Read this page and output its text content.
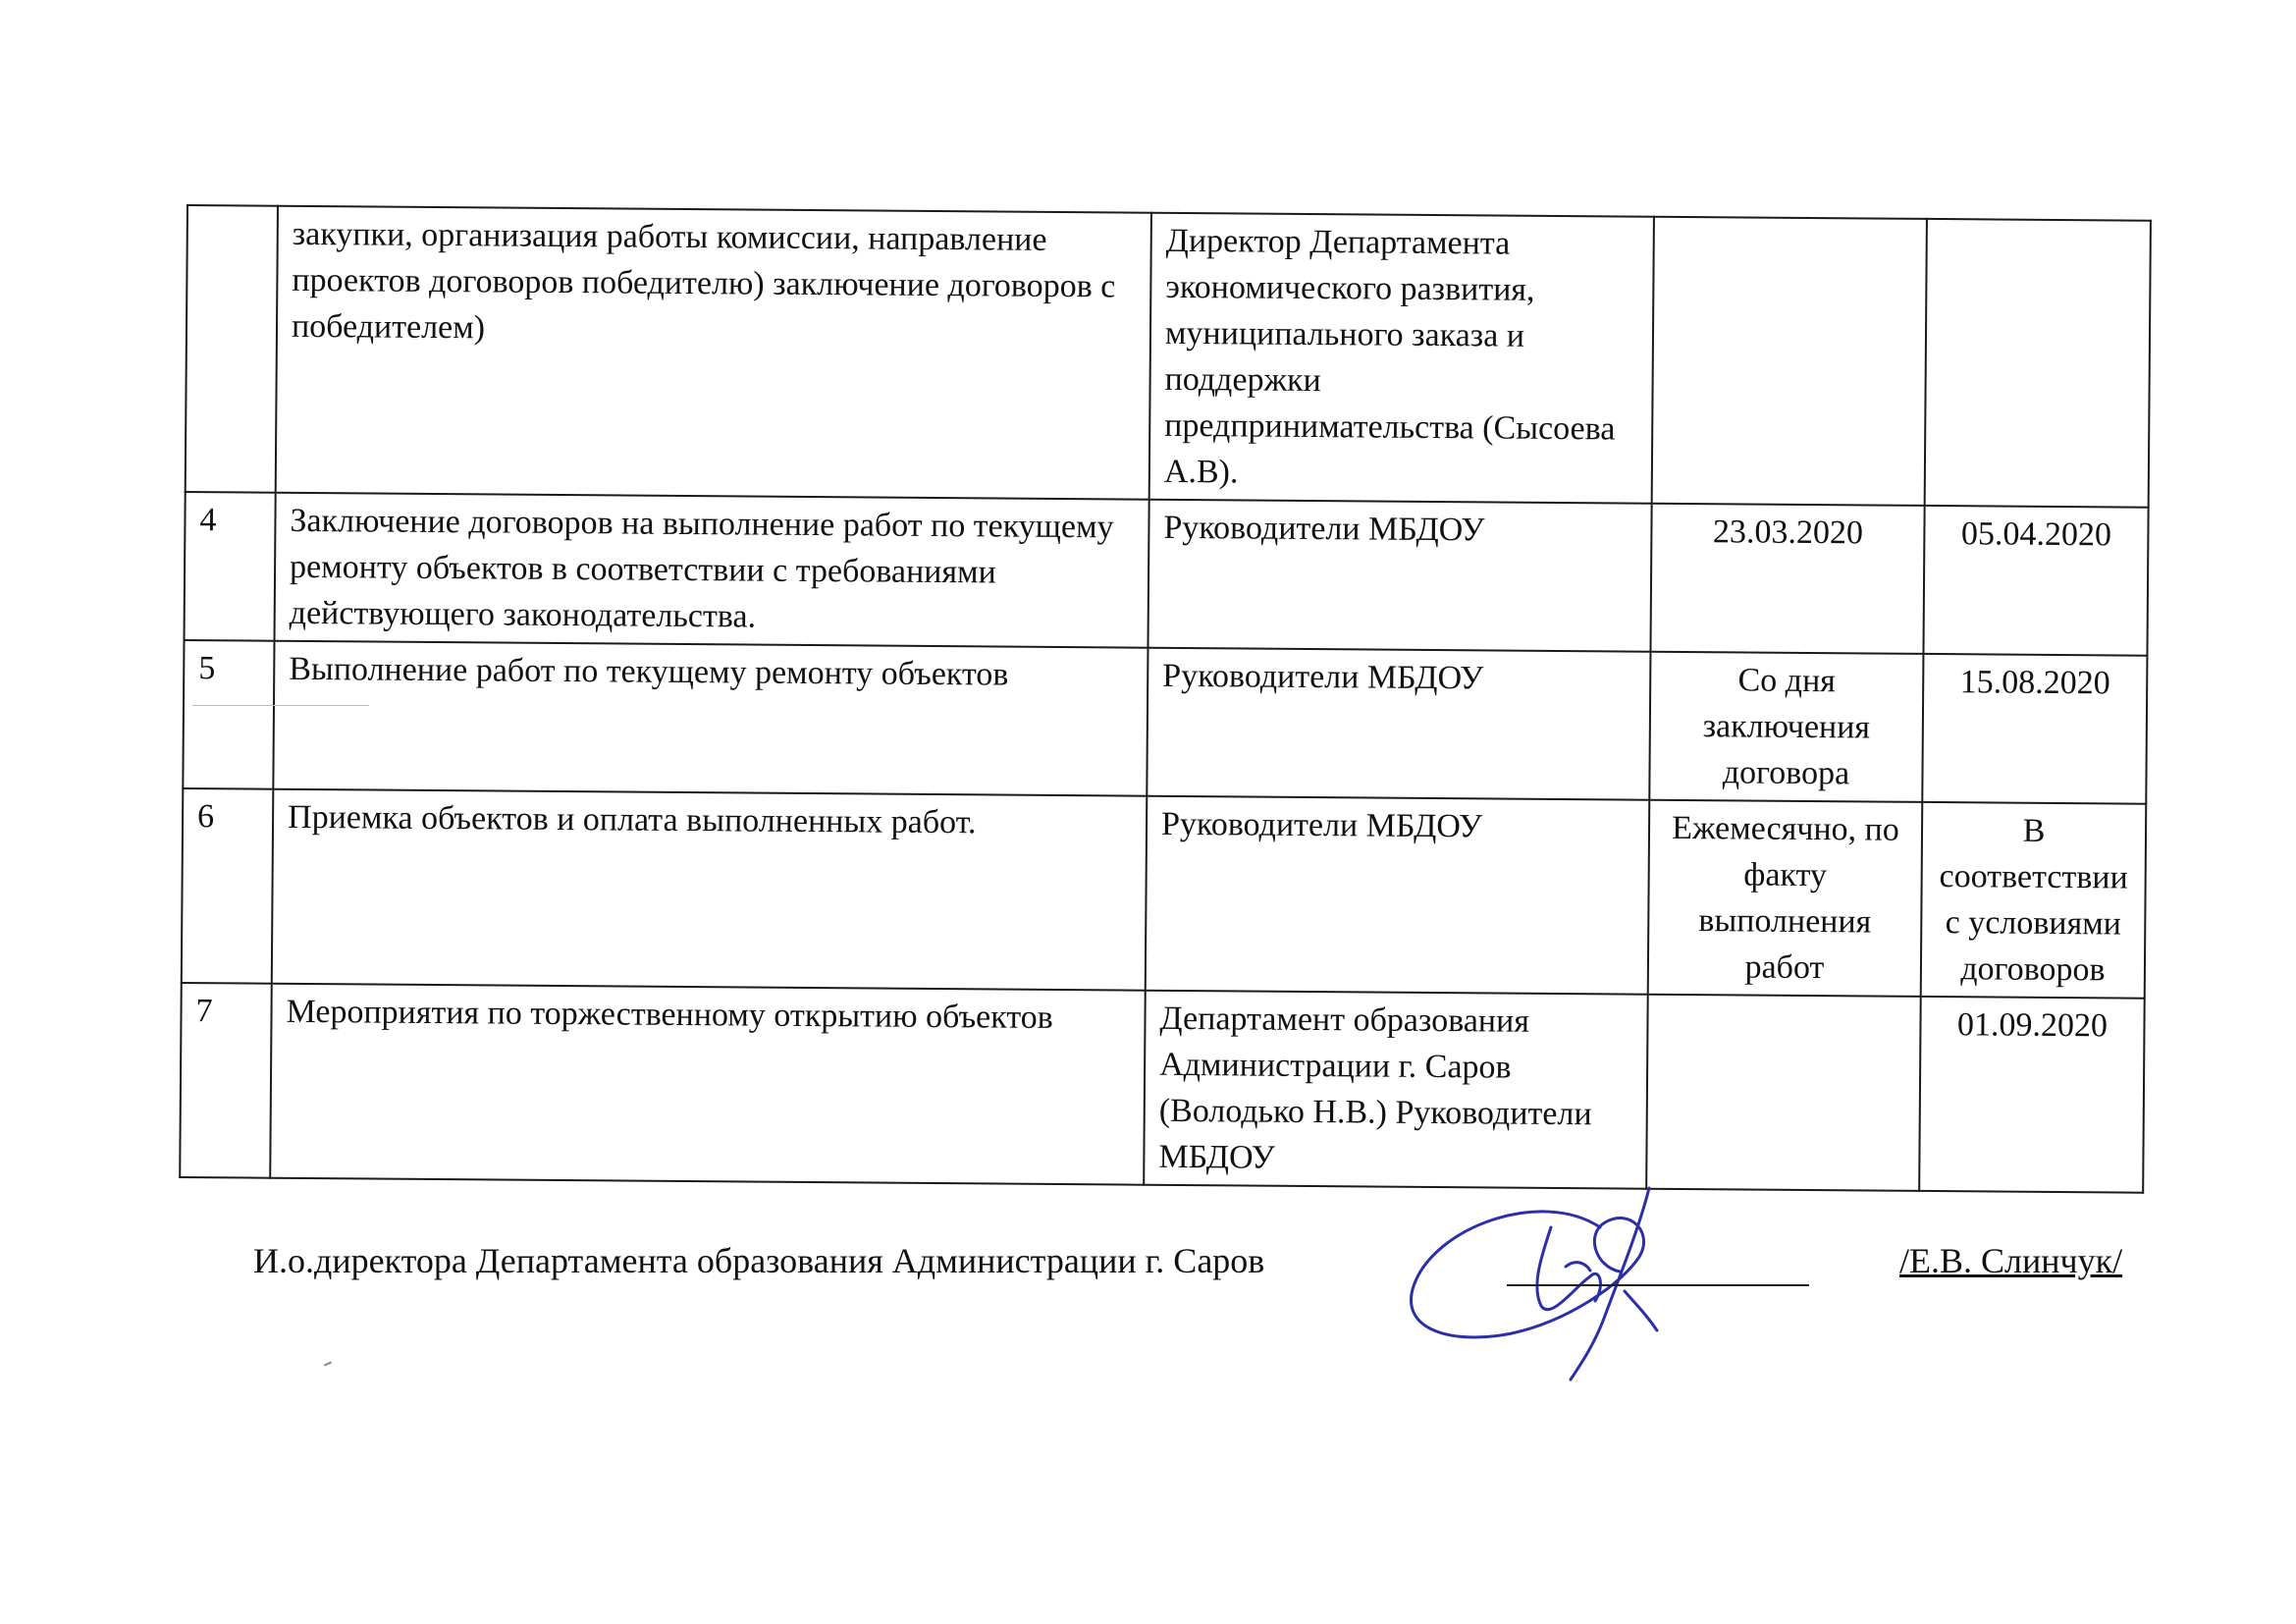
	закупки, организация работы комиссии, направление проектов договоров победителю) заключение договоров с победителем)	Директор Департамента экономического развития, муниципального заказа и поддержки предпринимательства (Сысоева А.В).		
4	Заключение договоров на выполнение работ по текущему ремонту объектов в соответствии с требованиями действующего законодательства.	Руководители МБДОУ	23.03.2020	05.04.2020
5	Выполнение работ по текущему ремонту объектов	Руководители МБДОУ	Со дня заключения договора	15.08.2020
6	Приемка объектов и оплата выполненных работ.	Руководители МБДОУ	Ежемесячно, по факту выполнения работ	В соответствии с условиями договоров
7	Мероприятия по торжественному открытию объектов	Департамент образования Администрации г. Саров (Володько Н.В.) Руководители МБДОУ		01.09.2020
И.о.директора Департамента образования Администрации г. Саров	/Е.В. Слинчук/
